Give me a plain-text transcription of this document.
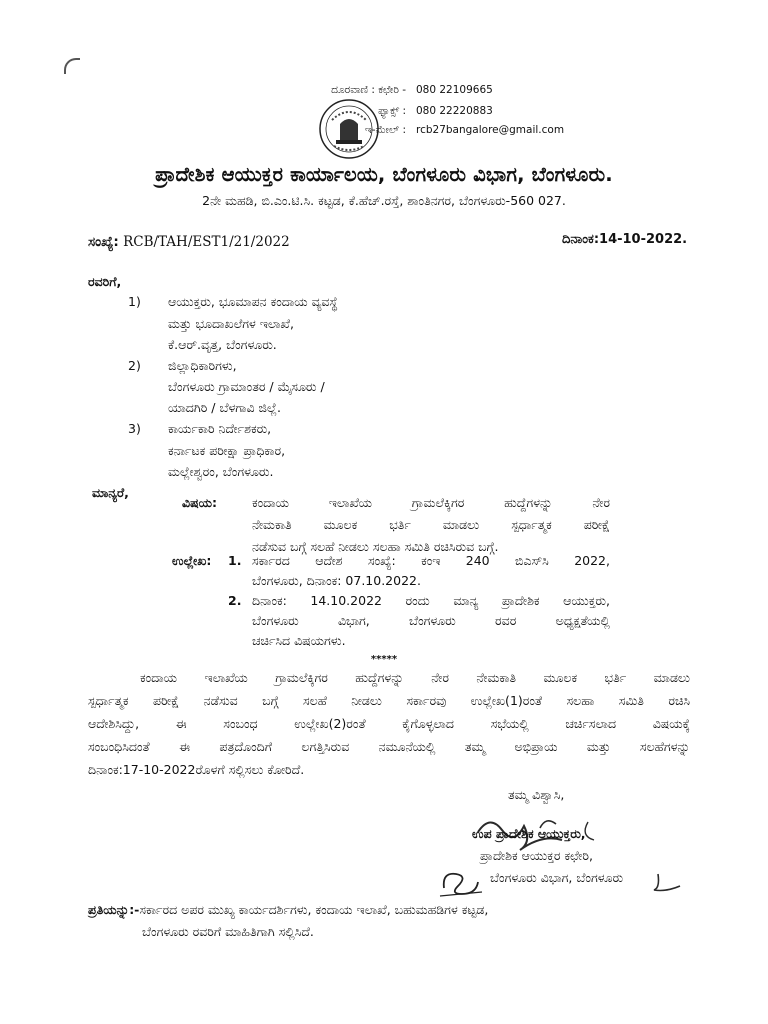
ದೂರವಾಣಿ : ಕಛೇರಿ - 080 22109665
ಫ್ಯಾಕ್ಸ್ : 080 22220883
ಇ-ಮೇಲ್ : rcb27bangalore@gmail.com
ಪ್ರಾದೇಶಿಕ ಆಯುಕ್ತರ ಕಾರ್ಯಾಲಯ, ಬೆಂಗಳೂರು ವಿಭಾಗ, ಬೆಂಗಳೂರು.
2ನೇ ಮಹಡಿ, ಬಿ.ಎಂ.ಟಿ.ಸಿ. ಕಟ್ಟಡ, ಕೆ.ಹೆಚ್.ರಸ್ತೆ, ಶಾಂತಿನಗರ, ಬೆಂಗಳೂರು-560 027.
ಸಂಖ್ಯೆ: RCB/TAH/EST1/21/2022	ದಿನಾಂಕ:14-10-2022.
ರವರಿಗೆ,
1) ಆಯುಕ್ತರು, ಭೂಮಾಪನ ಕಂದಾಯ ವ್ಯವಸ್ಥೆ
ಮತ್ತು ಭೂದಾಖಲೆಗಳ ಇಲಾಖೆ,
ಕೆ.ಆರ್.ವೃತ್ತ, ಬೆಂಗಳೂರು.
2) ಜಿಲ್ಲಾಧಿಕಾರಿಗಳು,
ಬೆಂಗಳೂರು ಗ್ರಾಮಾಂತರ / ಮೈಸೂರು /
ಯಾದಗಿರಿ / ಬೆಳಗಾವಿ ಜಿಲ್ಲೆ.
3) ಕಾರ್ಯಕಾರಿ ನಿರ್ದೇಶಕರು,
ಕರ್ನಾಟಕ ಪರೀಕ್ಷಾ ಪ್ರಾಧಿಕಾರ,
ಮಲ್ಲೇಶ್ವರಂ, ಬೆಂಗಳೂರು.
ಮಾನ್ಯರೆ,
ವಿಷಯ:	ಕಂದಾಯ ಇಲಾಖೆಯ ಗ್ರಾಮಲೆಕ್ಕಿಗರ ಹುದ್ದೆಗಳನ್ನು ನೇರ
ನೇಮಕಾತಿ ಮೂಲಕ ಭರ್ತಿ ಮಾಡಲು ಸ್ಪರ್ಧಾತ್ಮಕ ಪರೀಕ್ಷೆ
ನಡೆಸುವ ಬಗ್ಗೆ ಸಲಹೆ ನೀಡಲು ಸಲಹಾ ಸಮಿತಿ ರಚಿಸಿರುವ ಬಗ್ಗೆ.
ಉಲ್ಲೇಖ: 1. ಸರ್ಕಾರದ ಆದೇಶ ಸಂಖ್ಯೆ: ಕಂಇ 240 ಬಿಎಸ್‌ಸಿ 2022,
ಬೆಂಗಳೂರು, ದಿನಾಂಕ: 07.10.2022.
2. ದಿನಾಂಕ: 14.10.2022 ರಂದು ಮಾನ್ಯ ಪ್ರಾದೇಶಿಕ ಆಯುಕ್ತರು,
ಬೆಂಗಳೂರು ವಿಭಾಗ, ಬೆಂಗಳೂರು ರವರ ಅಧ್ಯಕ್ಷತೆಯಲ್ಲಿ
ಚರ್ಚಿಸಿದ ವಿಷಯಗಳು.
*****
ಕಂದಾಯ ಇಲಾಖೆಯ ಗ್ರಾಮಲೆಕ್ಕಿಗರ ಹುದ್ದೆಗಳನ್ನು ನೇರ ನೇಮಕಾತಿ ಮೂಲಕ ಭರ್ತಿ ಮಾಡಲು
ಸ್ಪರ್ಧಾತ್ಮಕ ಪರೀಕ್ಷೆ ನಡೆಸುವ ಬಗ್ಗೆ ಸಲಹೆ ನೀಡಲು ಸರ್ಕಾರವು ಉಲ್ಲೇಖ(1)ರಂತೆ ಸಲಹಾ ಸಮಿತಿ ರಚಿಸಿ
ಆದೇಶಿಸಿದ್ದು, ಈ ಸಂಬಂಧ ಉಲ್ಲೇಖ(2)ರಂತೆ ಕೈಗೊಳ್ಳಲಾದ ಸಭೆಯಲ್ಲಿ ಚರ್ಚಿಸಲಾದ ವಿಷಯಕ್ಕೆ
ಸಂಬಂಧಿಸಿದಂತೆ ಈ ಪತ್ರದೊಂದಿಗೆ ಲಗತ್ತಿಸಿರುವ ನಮೂನೆಯಲ್ಲಿ ತಮ್ಮ ಅಭಿಪ್ರಾಯ ಮತ್ತು ಸಲಹೆಗಳನ್ನು
ದಿನಾಂಕ:17-10-2022ರೊಳಗೆ ಸಲ್ಲಿಸಲು ಕೋರಿದೆ.
ತಮ್ಮ ವಿಶ್ವಾಸಿ,
ಉಪ ಪ್ರಾದೇಶಿಕ ಆಯುಕ್ತರು,
ಪ್ರಾದೇಶಿಕ ಆಯುಕ್ತರ ಕಛೇರಿ,
ಬೆಂಗಳೂರು ವಿಭಾಗ, ಬೆಂಗಳೂರು
ಪ್ರತಿಯನ್ನು:-ಸರ್ಕಾರದ ಅಪರ ಮುಖ್ಯ ಕಾರ್ಯದರ್ಶಿಗಳು, ಕಂದಾಯ ಇಲಾಖೆ, ಬಹುಮಹಡಿಗಳ ಕಟ್ಟಡ,
ಬೆಂಗಳೂರು ರವರಿಗೆ ಮಾಹಿತಿಗಾಗಿ ಸಲ್ಲಿಸಿದೆ.
